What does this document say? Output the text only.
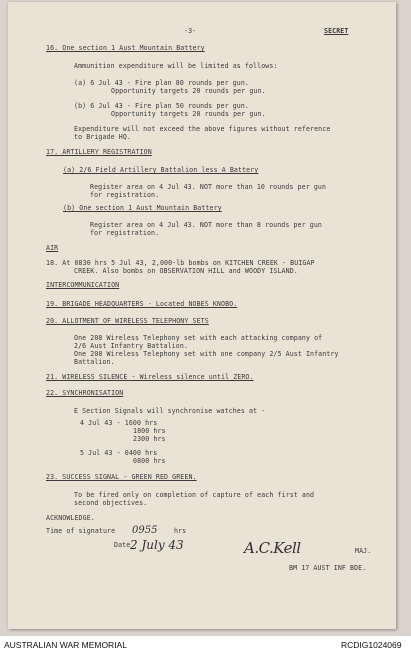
-3-	SECRET
16. One section 1 Aust Mountain Battery
Ammunition expenditure will be limited as follows:
(a) 6 Jul 43 - Fire plan 80 rounds per gun.
Opportunity targets 20 rounds per gun.
(b) 6 Jul 43 - Fire plan 50 rounds per gun.
Opportunity targets 20 rounds per gun.
Expenditure will not exceed the above figures without reference
to Brigade HQ.
17. ARTILLERY REGISTRATION
(a) 2/6 Field Artillery Battalion less A Battery
Register area on 4 Jul 43. NOT more than 10 rounds per gun
for registration.
(b) One section 1 Aust Mountain Battery
Register area on 4 Jul 43. NOT more than 8 rounds per gun
for registration.
AIR
18. At 0830 hrs 5 Jul 43, 2,000-lb bombs on KITCHEN CREEK - BUIGAP
CREEK. Also bombs on OBSERVATION HILL and WOODY ISLAND.
INTERCOMMUNICATION
19. BRIGADE HEADQUARTERS - Located NOBES KNOBO.
20. ALLOTMENT OF WIRELESS TELEPHONY SETS
One 208 Wireless Telephony set with each attacking company of
2/6 Aust Infantry Battalion.
One 208 Wireless Telephony set with one company 2/5 Aust Infantry
Battalion.
21. WIRELESS SILENCE - Wireless silence until ZERO.
22. SYNCHRONISATION
E Section Signals will synchronise watches at -
4 Jul 43 - 1600 hrs
1800 hrs
2300 hrs
5 Jul 43 - 0400 hrs
0800 hrs
23. SUCCESS SIGNAL - GREEN RED GREEN.
To be fired only on completion of capture of each first and
second objectives.
ACKNOWLEDGE.
Time of signature	hrs
Date
MAJ.
BM 17 AUST INF BDE.
0955
2 July 43	A.C.Kell
AUSTRALIAN WAR MEMORIAL	RCDIG1024069
